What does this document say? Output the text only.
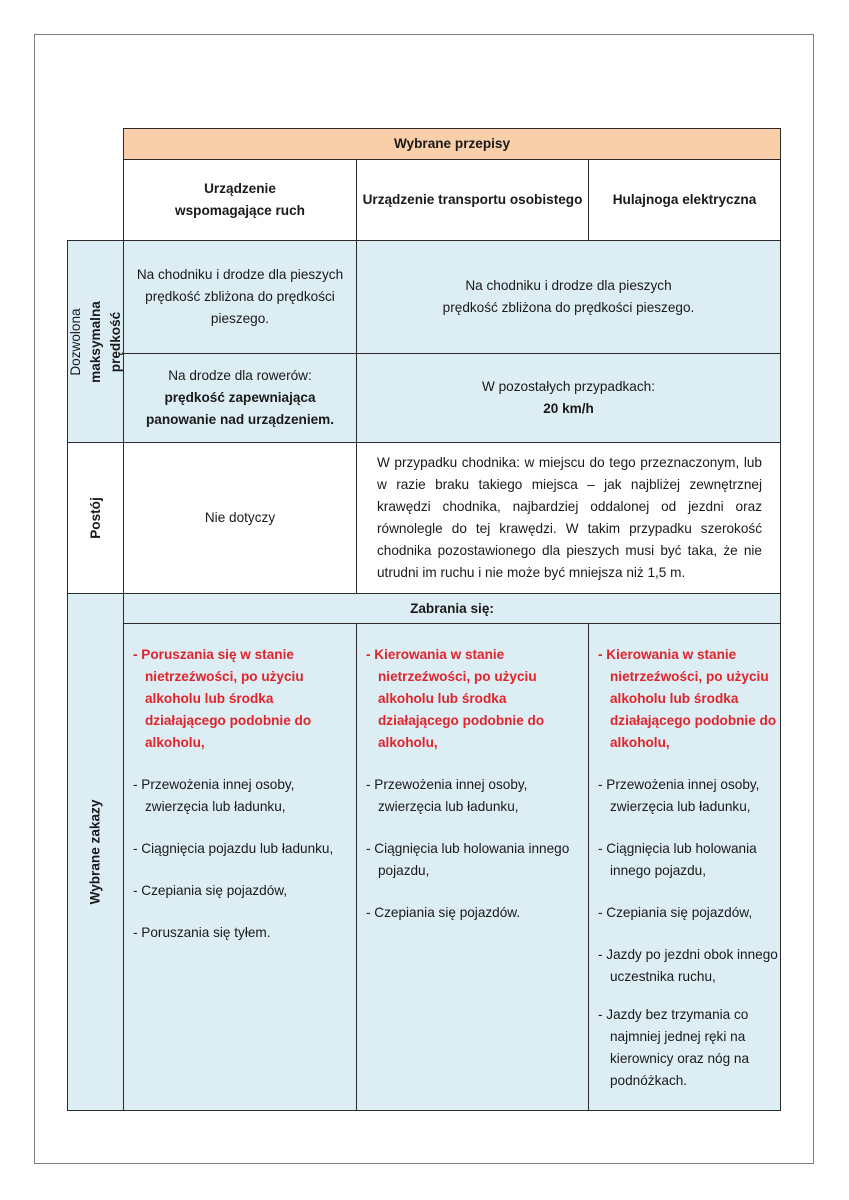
Wybrane przepisy
Urządzenie
wspomagające ruch
Urządzenie transportu osobistego	Hulajnoga elektryczna
Dozwolona maksymalna prędkość
Postój
Wybrane zakazy
Na chodniku i drodze dla pieszych prędkość zbliżona do prędkości pieszego.
Na chodniku i drodze dla pieszych prędkość zbliżona do prędkości pieszego.
Na drodze dla rowerów:
prędkość zapewniająca panowanie nad urządzeniem.
W pozostałych przypadkach:
20 km/h
Nie dotyczy
W przypadku chodnika: w miejscu do tego przeznaczonym, lub w razie braku takiego miejsca – jak najbliżej zewnętrznej krawędzi chodnika, najbardziej oddalonej od jezdni oraz równolegle do tej krawędzi. W takim przypadku szerokość chodnika pozostawionego dla pieszych musi być taka, że nie utrudni im ruchu i nie może być mniejsza niż 1,5 m.
Zabrania się:
- Poruszania się w stanie nietrzeźwości, po użyciu alkoholu lub środka działającego podobnie do alkoholu,
- Przewożenia innej osoby, zwierzęcia lub ładunku,
- Ciągnięcia pojazdu lub ładunku,
- Czepiania się pojazdów,
- Poruszania się tyłem.
- Kierowania w stanie nietrzeźwości, po użyciu alkoholu lub środka działającego podobnie do alkoholu,
- Przewożenia innej osoby, zwierzęcia lub ładunku,
- Ciągnięcia lub holowania innego pojazdu,
- Czepiania się pojazdów.
- Kierowania w stanie nietrzeźwości, po użyciu alkoholu lub środka działającego podobnie do alkoholu,
- Przewożenia innej osoby, zwierzęcia lub ładunku,
- Ciągnięcia lub holowania innego pojazdu,
- Czepiania się pojazdów,
- Jazdy po jezdni obok innego uczestnika ruchu,
- Jazdy bez trzymania co najmniej jednej ręki na kierownicy oraz nóg na podnóżkach.
